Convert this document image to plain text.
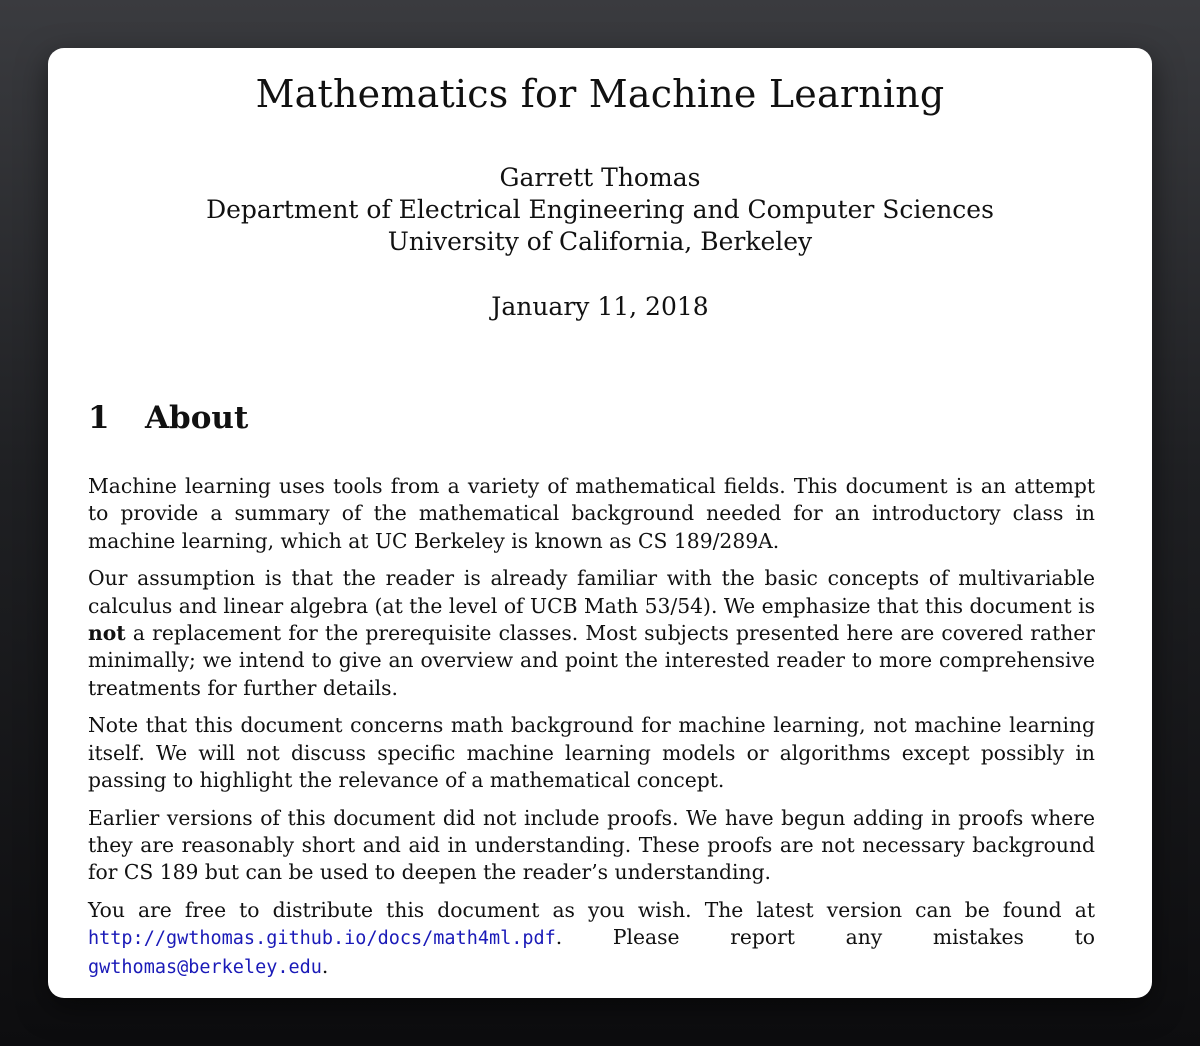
Mathematics for Machine Learning
Garrett Thomas
Department of Electrical Engineering and Computer Sciences
University of California, Berkeley
January 11, 2018
1 About

Machine learning uses tools from a variety of mathematical fields. This document is an attempt to provide a summary of the mathematical background needed for an introductory class in machine learning, which at UC Berkeley is known as CS 189/289A.

Our assumption is that the reader is already familiar with the basic concepts of multivariable calculus and linear algebra (at the level of UCB Math 53/54). We emphasize that this document is not a replacement for the prerequisite classes. Most subjects presented here are covered rather minimally; we intend to give an overview and point the interested reader to more comprehensive treatments for further details.

Note that this document concerns math background for machine learning, not machine learning itself. We will not discuss specific machine learning models or algorithms except possibly in passing to highlight the relevance of a mathematical concept.

Earlier versions of this document did not include proofs. We have begun adding in proofs where they are reasonably short and aid in understanding. These proofs are not necessary background for CS 189 but can be used to deepen the reader’s understanding.

You are free to distribute this document as you wish. The latest version can be found at http://gwthomas.github.io/docs/math4ml.pdf. Please report any mistakes to gwthomas@berkeley.edu.
